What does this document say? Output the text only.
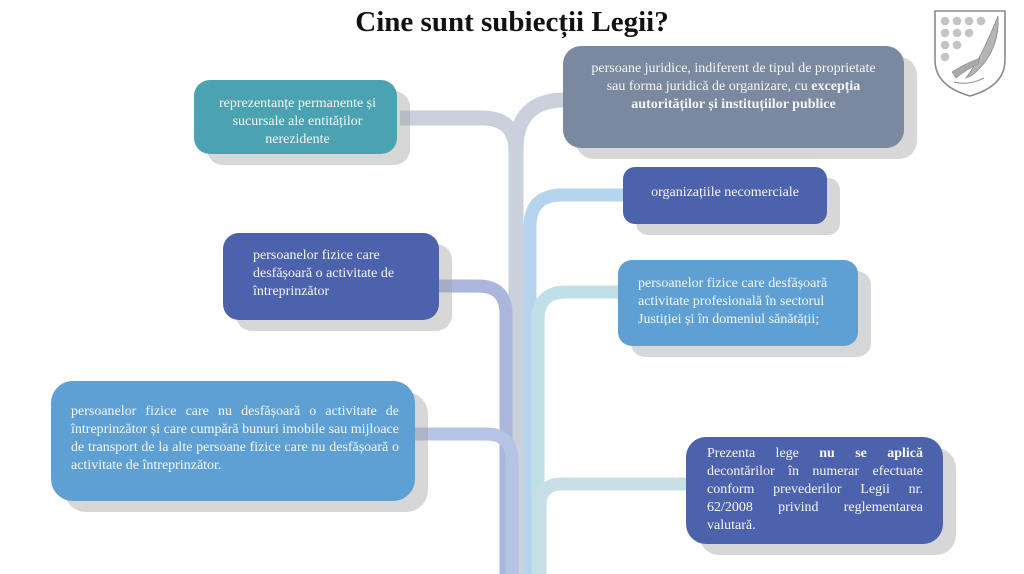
Cine sunt subiecții Legii?
reprezentanțe permanente și sucursale ale entităților nerezidente
persoane juridice, indiferent de tipul de proprietate
sau forma juridică de organizare, cu excepția
autorităților și instituțiilor publice
organizațiile necomerciale
persoanelor fizice care desfășoară o activitate de întreprinzător
persoanelor fizice care desfășoară activitate profesională în sectorul Justiției și în domeniul sănătății;
persoanelor fizice care nu desfășoară o activitate de întreprinzător și care cumpără bunuri imobile sau mijloace de transport de la alte persoane fizice care nu desfășoară o activitate de întreprinzător.
Prezenta lege nu se aplică decontărilor în numerar efectuate conform prevederilor Legii nr. 62/2008 privind reglementarea valutară.
